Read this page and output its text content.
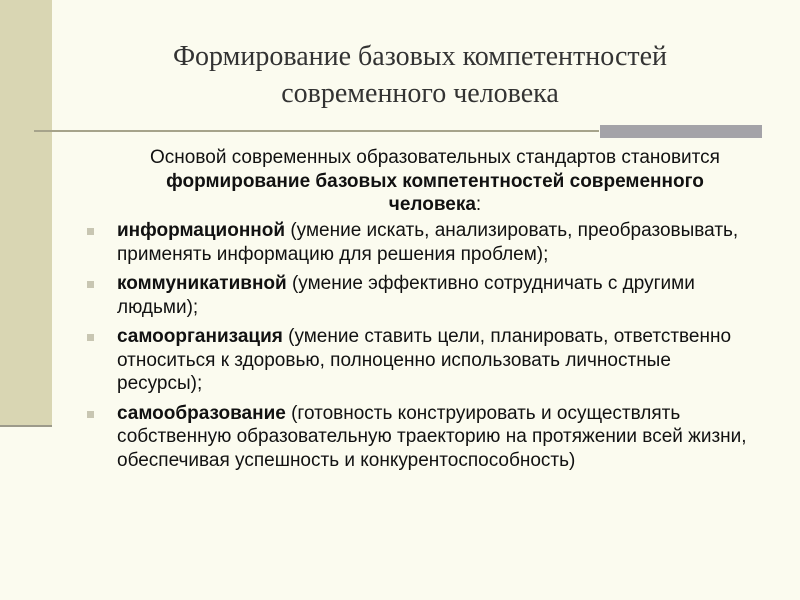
Формирование базовых компетентностей
современного человека
Основой современных образовательных стандартов становится формирование базовых компетентностей современного человека:
информационной (умение искать, анализировать, преобразовывать, применять информацию для решения проблем);
коммуникативной (умение эффективно сотрудничать с другими людьми);
самоорганизация (умение ставить цели, планировать, ответственно относиться к здоровью, полноценно использовать личностные ресурсы);
самообразование (готовность конструировать и осуществлять собственную образовательную траекторию на протяжении всей жизни, обеспечивая успешность и конкурентоспособность)
